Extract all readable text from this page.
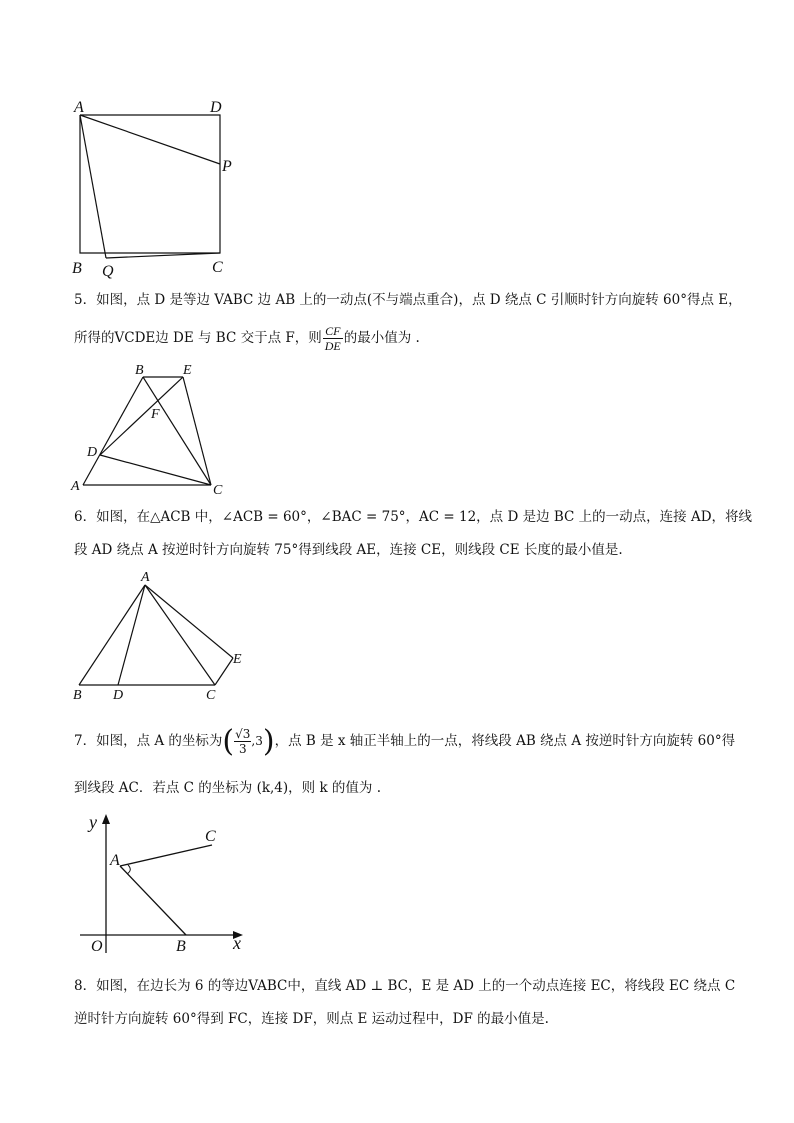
A	D
P
B Q	C
5．如图，点 D 是等边 VABC 边 AB 上的一动点(不与端点重合)，点 D 绕点 C 引顺时针方向旋转 60°得点 E，
所得的VCDE边 DE 与 BC 交于点 F，则 $\frac{CF}{DE}$ 的最小值为 .
B	E
F
D
A	C
6．如图，在△ACB 中，∠ACB = 60°，∠BAC = 75°，AC = 12，点 D 是边 BC 上的一动点，连接 AD，将线
段 AD 绕点 A 按逆时针方向旋转 75°得到线段 AE，连接 CE，则线段 CE 长度的最小值是.
A
E
B D	C
7．如图，点 A 的坐标为( $\frac{√3}{3} ,3$)，点 B 是 x 轴正半轴上的一点，将线段 AB 绕点 A 按逆时针方向旋转 60°得
到线段 AC．若点 C 的坐标为 (k,4)，则 k 的值为 .
y
C
A
O	B	x
8．如图，在边长为 6 的等边VABC中，直线 AD ⊥ BC，E 是 AD 上的一个动点连接 EC，将线段 EC 绕点 C
逆时针方向旋转 60°得到 FC，连接 DF，则点 E 运动过程中，DF 的最小值是.
